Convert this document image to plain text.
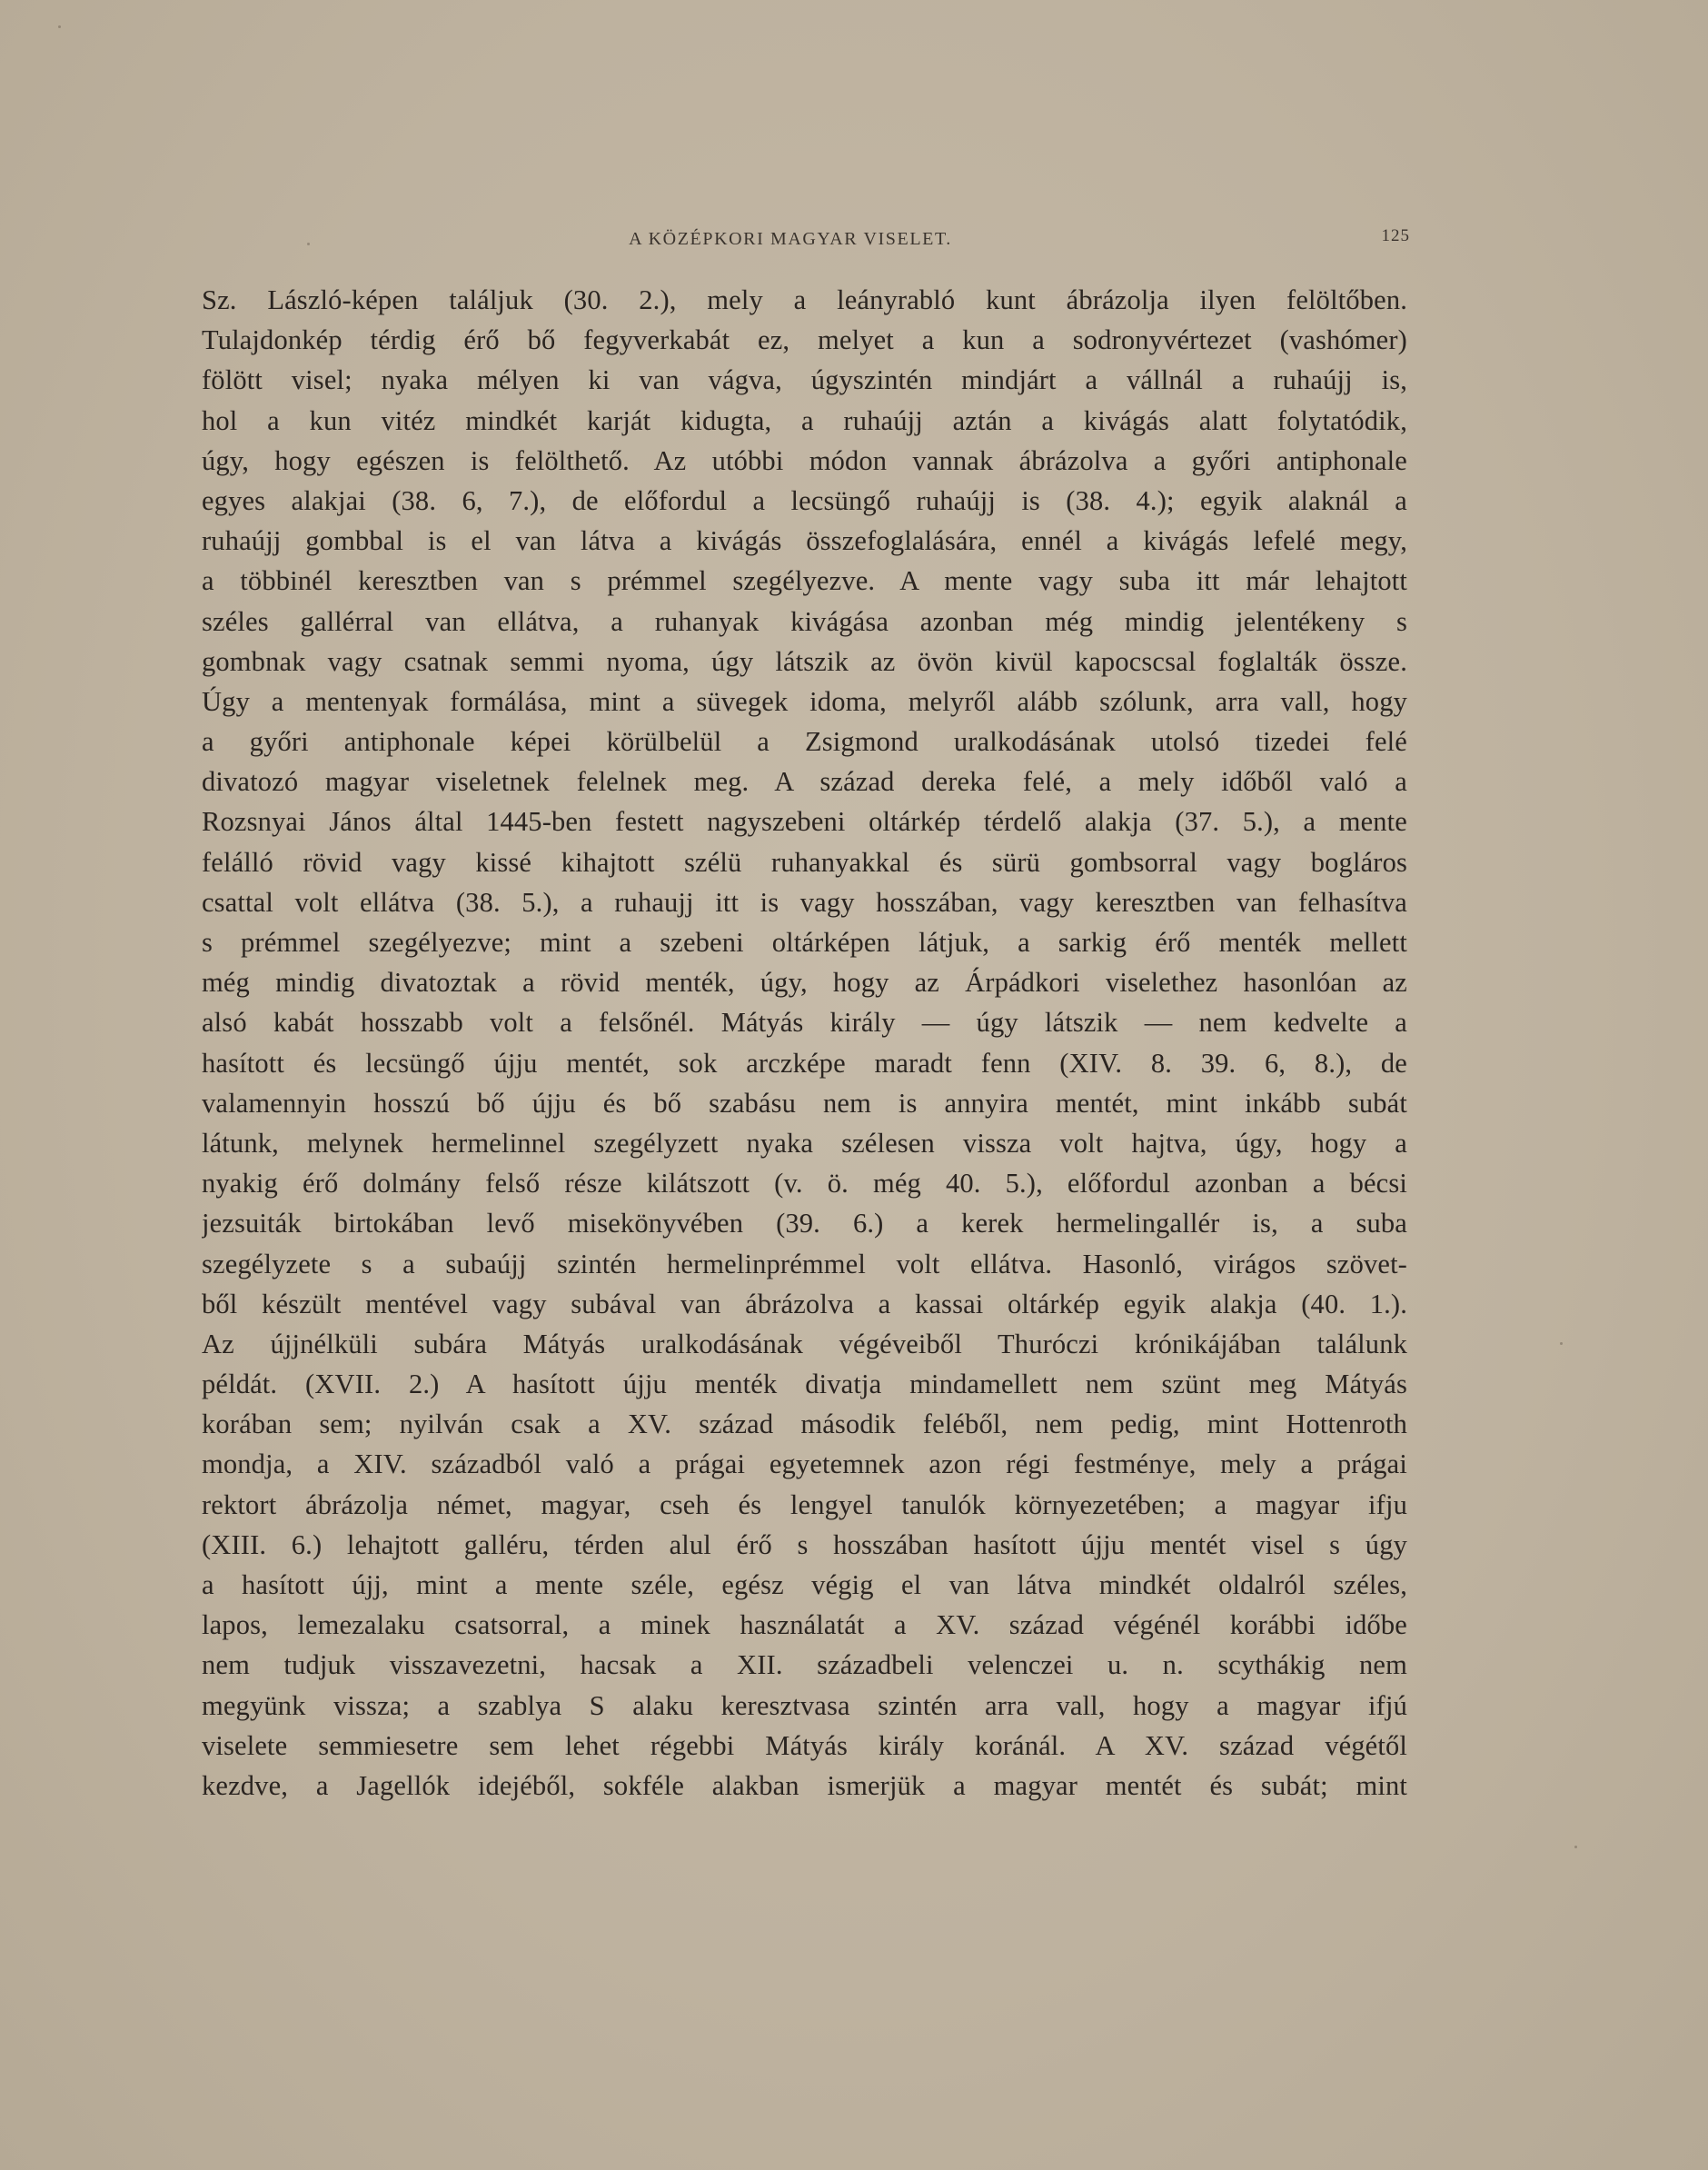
A KÖZÉPKORI MAGYAR VISELET.	125
Sz. László-képen találjuk (30. 2.), mely a leányrabló kunt ábrázolja ilyen felöltőben.
Tulajdonkép térdig érő bő fegyverkabát ez, melyet a kun a sodronyvértezet (vashómer)
fölött visel; nyaka mélyen ki van vágva, úgyszintén mindjárt a vállnál a ruhaújj is,
hol a kun vitéz mindkét karját kidugta, a ruhaújj aztán a kivágás alatt folytatódik,
úgy, hogy egészen is felölthető. Az utóbbi módon vannak ábrázolva a győri antiphonale
egyes alakjai (38. 6, 7.), de előfordul a lecsüngő ruhaújj is (38. 4.); egyik alaknál a
ruhaújj gombbal is el van látva a kivágás összefoglalására, ennél a kivágás lefelé megy,
a többinél keresztben van s prémmel szegélyezve. A mente vagy suba itt már lehajtott
széles gallérral van ellátva, a ruhanyak kivágása azonban még mindig jelentékeny s
gombnak vagy csatnak semmi nyoma, úgy látszik az övön kivül kapocscsal foglalták össze.
Úgy a mentenyak formálása, mint a süvegek idoma, melyről alább szólunk, arra vall, hogy
a győri antiphonale képei körülbelül a Zsigmond uralkodásának utolsó tizedei felé
divatozó magyar viseletnek felelnek meg. A század dereka felé, a mely időből való a
Rozsnyai János által 1445-ben festett nagyszebeni oltárkép térdelő alakja (37. 5.), a mente
felálló rövid vagy kissé kihajtott szélü ruhanyakkal és sürü gombsorral vagy bogláros
csattal volt ellátva (38. 5.), a ruhaujj itt is vagy hosszában, vagy keresztben van felhasítva
s prémmel szegélyezve; mint a szebeni oltárképen látjuk, a sarkig érő menték mellett
még mindig divatoztak a rövid menték, úgy, hogy az Árpádkori viselethez hasonlóan az
alsó kabát hosszabb volt a felsőnél. Mátyás király — úgy látszik — nem kedvelte a
hasított és lecsüngő újju mentét, sok arczképe maradt fenn (XIV. 8. 39. 6, 8.), de
valamennyin hosszú bő újju és bő szabásu nem is annyira mentét, mint inkább subát
látunk, melynek hermelinnel szegélyzett nyaka szélesen vissza volt hajtva, úgy, hogy a
nyakig érő dolmány felső része kilátszott (v. ö. még 40. 5.), előfordul azonban a bécsi
jezsuiták birtokában levő misekönyvében (39. 6.) a kerek hermelingallér is, a suba
szegélyzete s a subaújj szintén hermelinprémmel volt ellátva. Hasonló, virágos szövet-
ből készült mentével vagy subával van ábrázolva a kassai oltárkép egyik alakja (40. 1.).
Az újjnélküli subára Mátyás uralkodásának végéveiből Thuróczi krónikájában találunk
példát. (XVII. 2.) A hasított újju menték divatja mindamellett nem szünt meg Mátyás
korában sem; nyilván csak a XV. század második feléből, nem pedig, mint Hottenroth
mondja, a XIV. századból való a prágai egyetemnek azon régi festménye, mely a prágai
rektort ábrázolja német, magyar, cseh és lengyel tanulók környezetében; a magyar ifju
(XIII. 6.) lehajtott galléru, térden alul érő s hosszában hasított újju mentét visel s úgy
a hasított újj, mint a mente széle, egész végig el van látva mindkét oldalról széles,
lapos, lemezalaku csatsorral, a minek használatát a XV. század végénél korábbi időbe
nem tudjuk visszavezetni, hacsak a XII. századbeli velenczei u. n. scythákig nem
megyünk vissza; a szablya S alaku keresztvasa szintén arra vall, hogy a magyar ifjú
viselete semmiesetre sem lehet régebbi Mátyás király koránál. A XV. század végétől
kezdve, a Jagellók idejéből, sokféle alakban ismerjük a magyar mentét és subát; mint
